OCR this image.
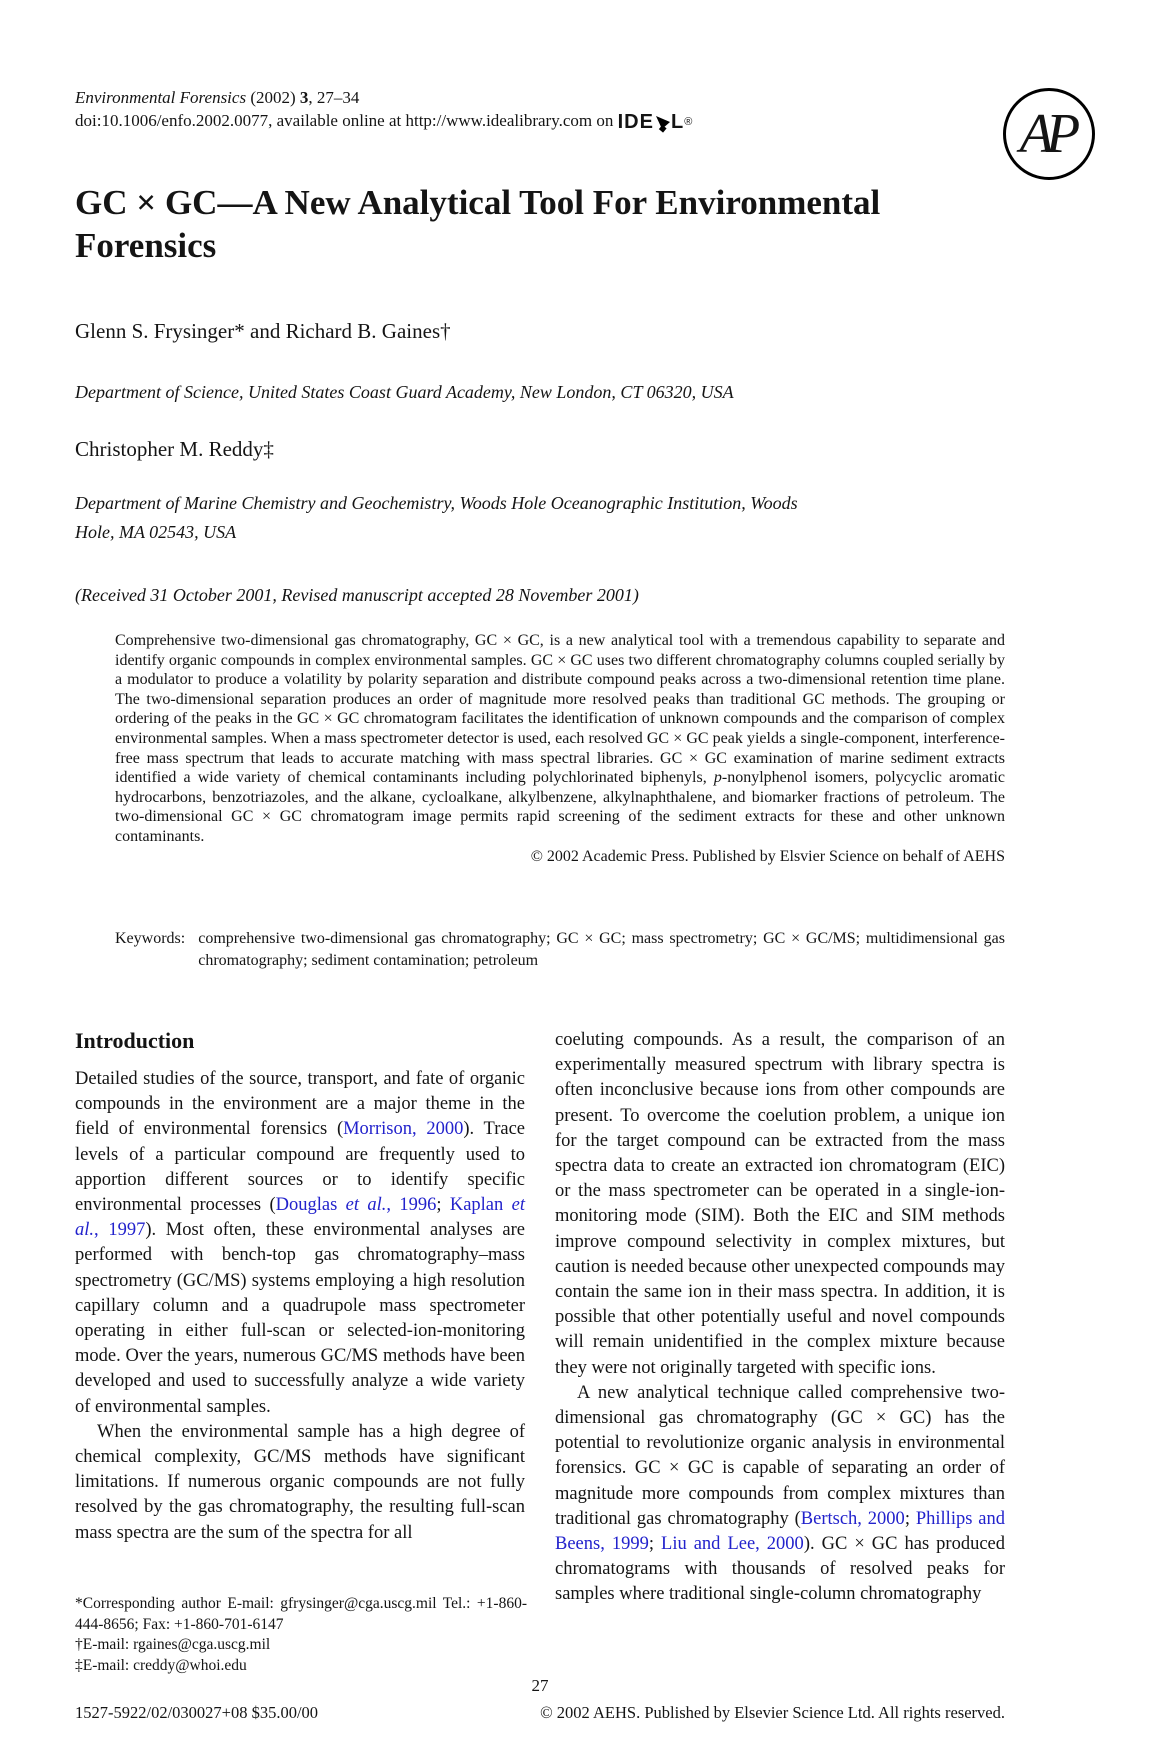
Environmental Forensics (2002) 3, 27–34
doi:10.1006/enfo.2002.0077, available online at http://www.idealibrary.com on IDE L ®	AP
GC × GC—A New Analytical Tool For Environmental Forensics
Glenn S. Frysinger* and Richard B. Gaines†
Department of Science, United States Coast Guard Academy, New London, CT 06320, USA
Christopher M. Reddy‡
Department of Marine Chemistry and Geochemistry, Woods Hole Oceanographic Institution, Woods Hole, MA 02543, USA
(Received 31 October 2001, Revised manuscript accepted 28 November 2001)

Comprehensive two-dimensional gas chromatography, GC × GC, is a new analytical tool with a tremendous capability to separate and identify organic compounds in complex environmental samples. GC × GC uses two different chromatography columns coupled serially by a modulator to produce a volatility by polarity separation and distribute compound peaks across a two-dimensional retention time plane. The two-dimensional separation produces an order of magnitude more resolved peaks than traditional GC methods. The grouping or ordering of the peaks in the GC × GC chromatogram facilitates the identification of unknown compounds and the comparison of complex environmental samples. When a mass spectrometer detector is used, each resolved GC × GC peak yields a single-component, interference-free mass spectrum that leads to accurate matching with mass spectral libraries. GC × GC examination of marine sediment extracts identified a wide variety of chemical contaminants including polychlorinated biphenyls, p-nonylphenol isomers, polycyclic aromatic hydrocarbons, benzotriazoles, and the alkane, cycloalkane, alkylbenzene, alkylnaphthalene, and biomarker fractions of petroleum. The two-dimensional GC × GC chromatogram image permits rapid screening of the sediment extracts for these and other unknown contaminants.

© 2002 Academic Press. Published by Elsvier Science on behalf of AEHS
Keywords: comprehensive two-dimensional gas chromatography; GC × GC; mass spectrometry; GC × GC/MS; multidimensional gas chromatography; sediment contamination; petroleum
Introduction

Detailed studies of the source, transport, and fate of organic compounds in the environment are a major theme in the field of environmental forensics (Morrison, 2000). Trace levels of a particular compound are frequently used to apportion different sources or to identify specific environmental processes (Douglas et al., 1996; Kaplan et al., 1997). Most often, these environmental analyses are performed with bench-top gas chromatography–mass spectrometry (GC/MS) systems employing a high resolution capillary column and a quadrupole mass spectrometer operating in either full-scan or selected-ion-monitoring mode. Over the years, numerous GC/MS methods have been developed and used to successfully analyze a wide variety of environmental samples.

When the environmental sample has a high degree of chemical complexity, GC/MS methods have significant limitations. If numerous organic compounds are not fully resolved by the gas chromatography, the resulting full-scan mass spectra are the sum of the spectra for all

coeluting compounds. As a result, the comparison of an experimentally measured spectrum with library spectra is often inconclusive because ions from other compounds are present. To overcome the coelution problem, a unique ion for the target compound can be extracted from the mass spectra data to create an extracted ion chromatogram (EIC) or the mass spectrometer can be operated in a single-ion-monitoring mode (SIM). Both the EIC and SIM methods improve compound selectivity in complex mixtures, but caution is needed because other unexpected compounds may contain the same ion in their mass spectra. In addition, it is possible that other potentially useful and novel compounds will remain unidentified in the complex mixture because they were not originally targeted with specific ions.

A new analytical technique called comprehensive two-dimensional gas chromatography (GC × GC) has the potential to revolutionize organic analysis in environmental forensics. GC × GC is capable of separating an order of magnitude more compounds from complex mixtures than traditional gas chromatography (Bertsch, 2000; Phillips and Beens, 1999; Liu and Lee, 2000). GC × GC has produced chromatograms with thousands of resolved peaks for samples where traditional single-column chromatography

*Corresponding author E-mail: gfrysinger@cga.uscg.mil Tel.: +1-860-444-8656; Fax: +1-860-701-6147

†E-mail: rgaines@cga.uscg.mil

‡E-mail: creddy@whoi.edu

27
1527-5922/02/030027+08 $35.00/00	© 2002 AEHS. Published by Elsevier Science Ltd. All rights reserved.
